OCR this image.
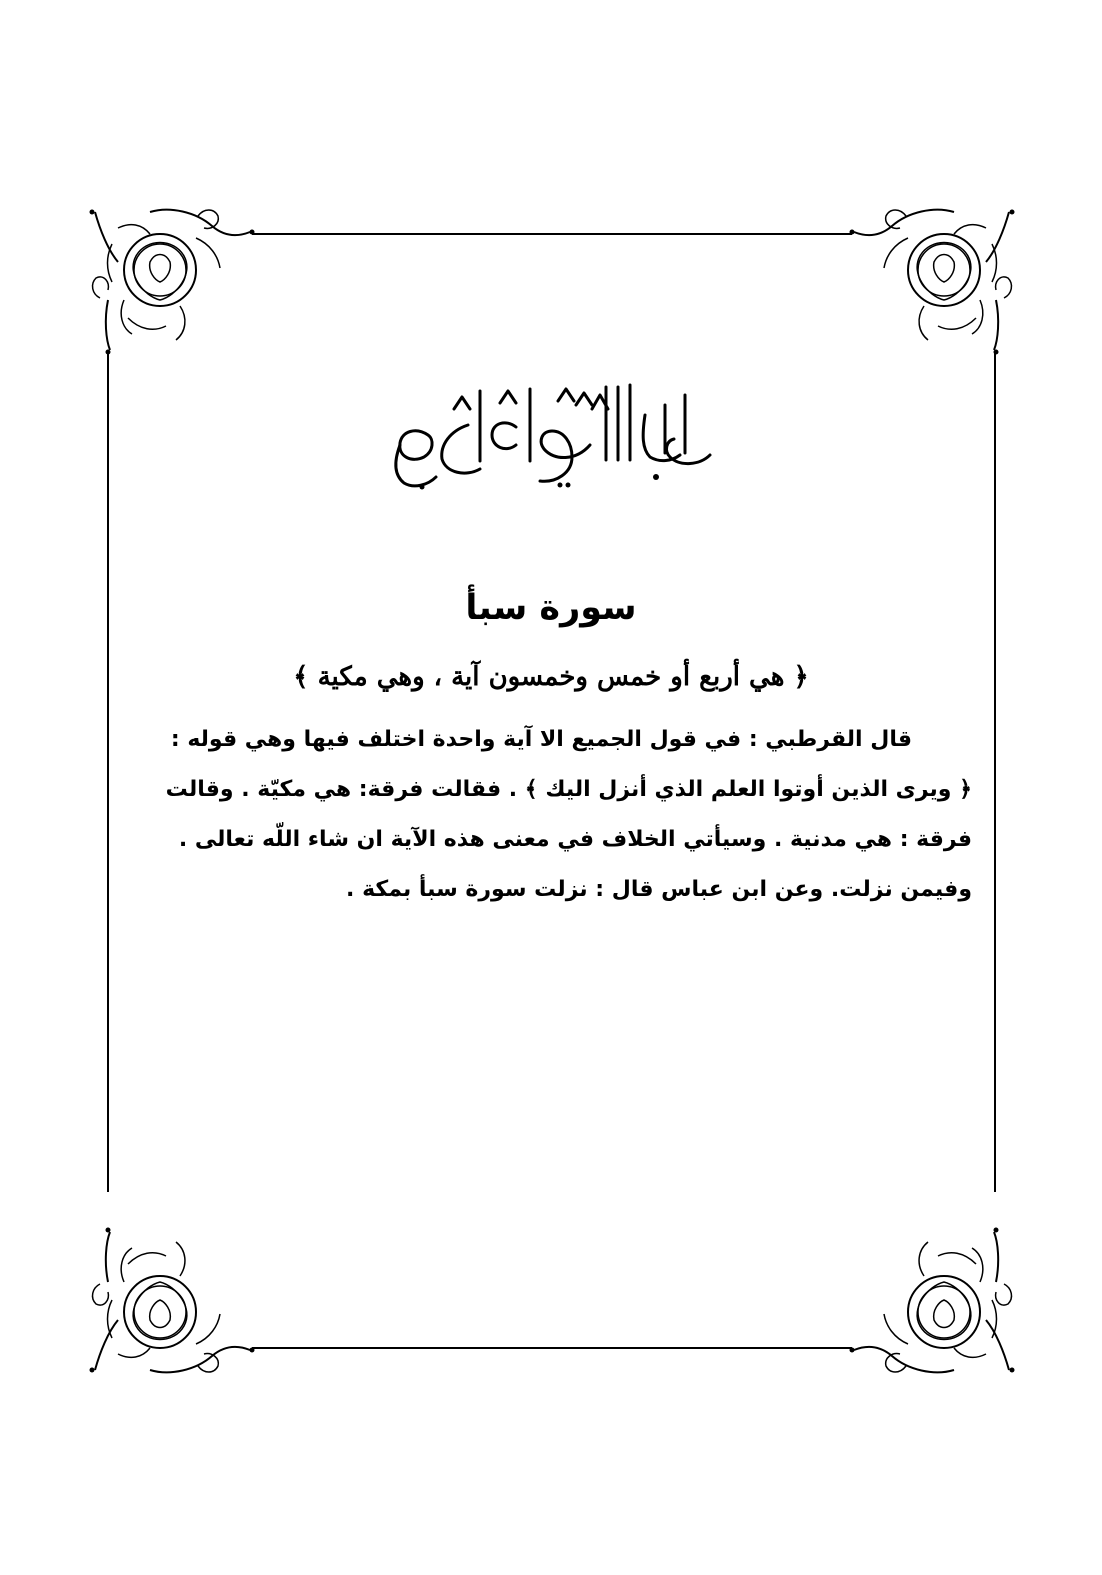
سورة سبأ
﴿ هي أربع أو خمس وخمسون آية ، وهي مكية ﴾
قال القرطبي : في قول الجميع الا آية واحدة اختلف فيها وهي قوله :
﴿ ويرى الذين أوتوا العلم الذي أنزل اليك ﴾ . فقالت فرقة: هي مكيّة . وقالت
فرقة : هي مدنية . وسيأتي الخلاف في معنى هذه الآية ان شاء اللّه تعالى .
وفيمن نزلت. وعن ابن عباس قال : نزلت سورة سبأ بمكة .
